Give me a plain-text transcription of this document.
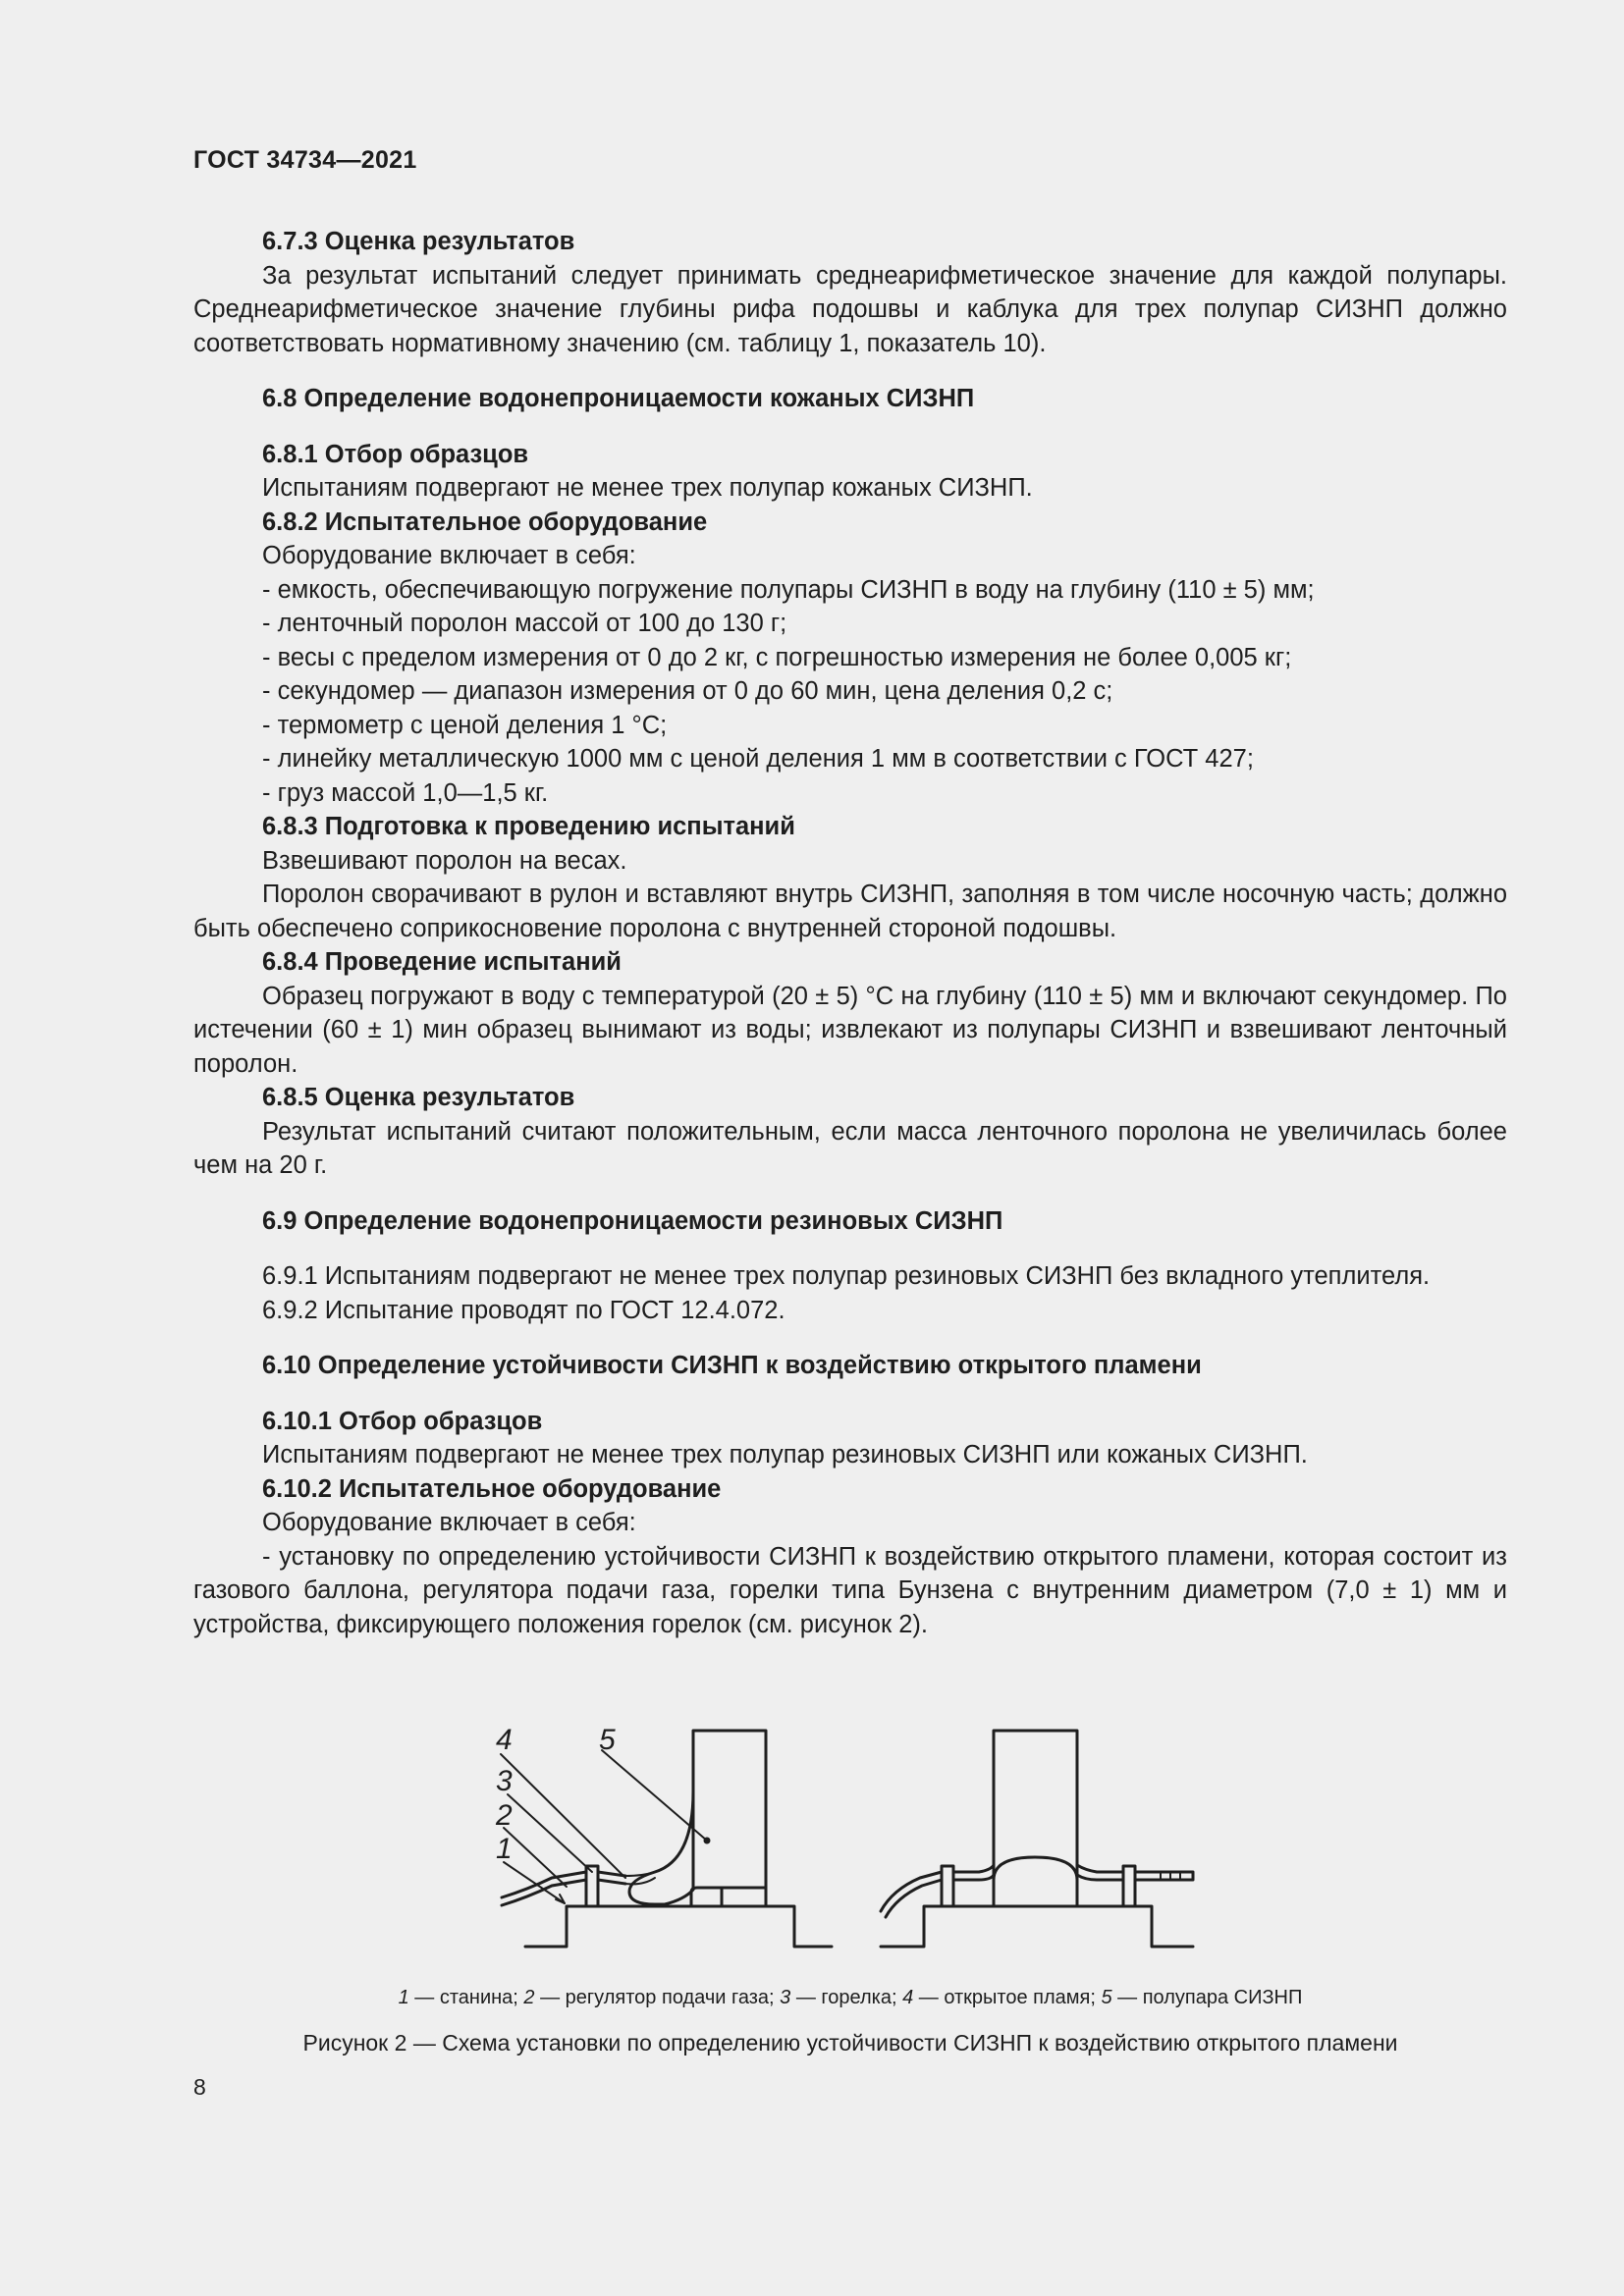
ГОСТ 34734—2021

6.7.3 Оценка результатов

За результат испытаний следует принимать среднеарифметическое значение для каждой полупары. Среднеарифметическое значение глубины рифа подошвы и каблука для трех полупар СИЗНП должно соответствовать нормативному значению (см. таблицу 1, показатель 10).

6.8 Определение водонепроницаемости кожаных СИЗНП

6.8.1 Отбор образцов

Испытаниям подвергают не менее трех полупар кожаных СИЗНП.

6.8.2 Испытательное оборудование

Оборудование включает в себя:

- емкость, обеспечивающую погружение полупары СИЗНП в воду на глубину (110 ± 5) мм;

- ленточный поролон массой от 100 до 130 г;

- весы с пределом измерения от 0 до 2 кг, с погрешностью измерения не более 0,005 кг;

- секундомер — диапазон измерения от 0 до 60 мин, цена деления 0,2 с;

- термометр с ценой деления 1 °С;

- линейку металлическую 1000 мм с ценой деления 1 мм в соответствии с ГОСТ 427;

- груз массой 1,0—1,5 кг.

6.8.3 Подготовка к проведению испытаний

Взвешивают поролон на весах.

Поролон сворачивают в рулон и вставляют внутрь СИЗНП, заполняя в том числе носочную часть; должно быть обеспечено соприкосновение поролона с внутренней стороной подошвы.

6.8.4 Проведение испытаний

Образец погружают в воду с температурой (20 ± 5) °С на глубину (110 ± 5) мм и включают секундомер. По истечении (60 ± 1) мин образец вынимают из воды; извлекают из полупары СИЗНП и взвешивают ленточный поролон.

6.8.5 Оценка результатов

Результат испытаний считают положительным, если масса ленточного поролона не увеличилась более чем на 20 г.

6.9 Определение водонепроницаемости резиновых СИЗНП

6.9.1 Испытаниям подвергают не менее трех полупар резиновых СИЗНП без вкладного утеплителя.

6.9.2 Испытание проводят по ГОСТ 12.4.072.

6.10 Определение устойчивости СИЗНП к воздействию открытого пламени

6.10.1 Отбор образцов

Испытаниям подвергают не менее трех полупар резиновых СИЗНП или кожаных СИЗНП.

6.10.2 Испытательное оборудование

Оборудование включает в себя:

- установку по определению устойчивости СИЗНП к воздействию открытого пламени, которая состоит из газового баллона, регулятора подачи газа, горелки типа Бунзена с внутренним диаметром (7,0 ± 1) мм и устройства, фиксирующего положения горелок (см. рисунок 2).

4	5
3
2
1
1 — станина; 2 — регулятор подачи газа; 3 — горелка; 4 — открытое пламя; 5 — полупара СИЗНП
Рисунок 2 — Схема установки по определению устойчивости СИЗНП к воздействию открытого пламени
8
